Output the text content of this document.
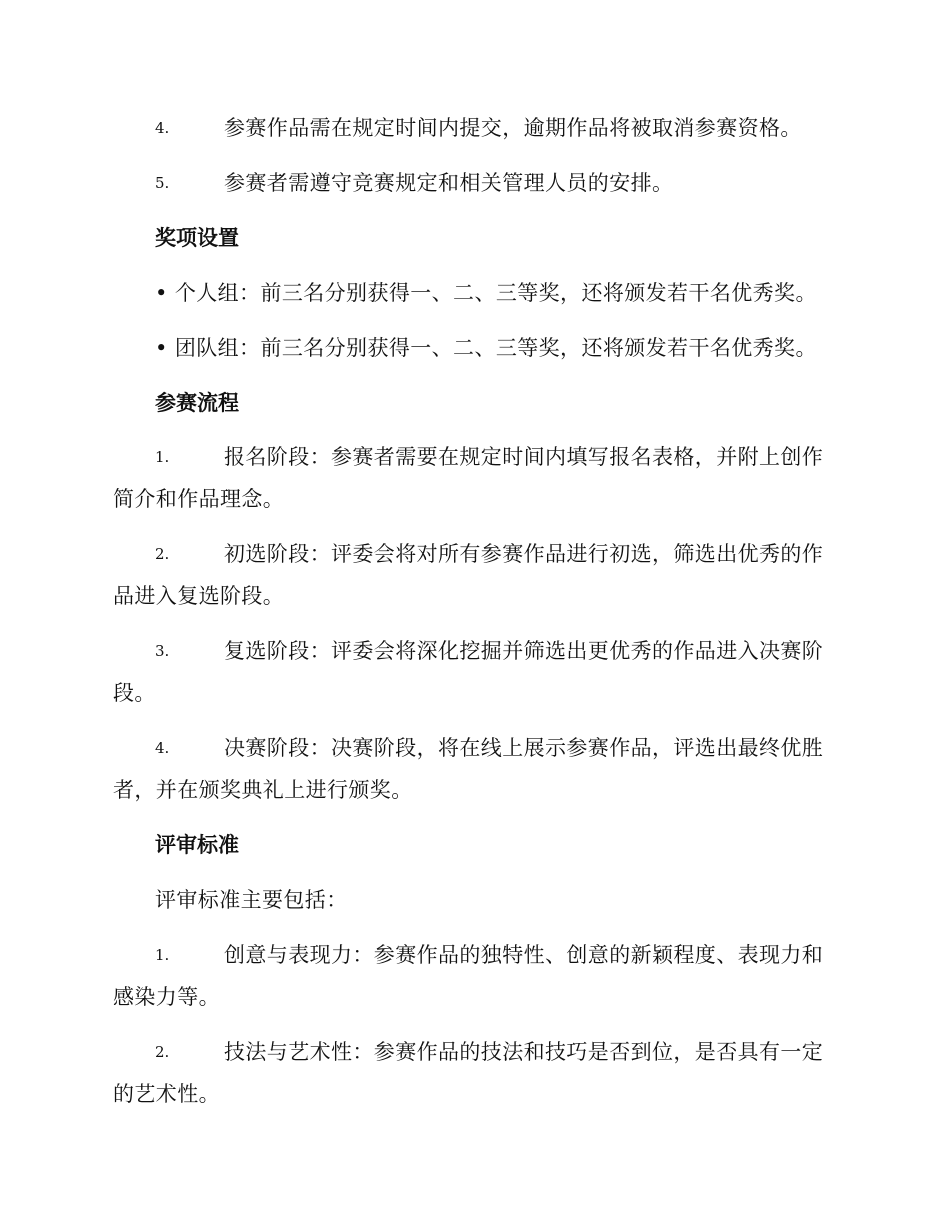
4.	参赛作品需在规定时间内提交，逾期作品将被取消参赛资格。
5.	参赛者需遵守竞赛规定和相关管理人员的安排。
奖项设置
• 个人组：前三名分别获得一、二、三等奖，还将颁发若干名优秀奖。
• 团队组：前三名分别获得一、二、三等奖，还将颁发若干名优秀奖。
参赛流程
1.	报名阶段：参赛者需要在规定时间内填写报名表格，并附上创作
简介和作品理念。
2.	初选阶段：评委会将对所有参赛作品进行初选，筛选出优秀的作
品进入复选阶段。
3.	复选阶段：评委会将深化挖掘并筛选出更优秀的作品进入决赛阶
段。
4.	决赛阶段：决赛阶段，将在线上展示参赛作品，评选出最终优胜
者，并在颁奖典礼上进行颁奖。
评审标准
评审标准主要包括：
1.	创意与表现力：参赛作品的独特性、创意的新颖程度、表现力和
感染力等。
2.	技法与艺术性：参赛作品的技法和技巧是否到位，是否具有一定
的艺术性。
